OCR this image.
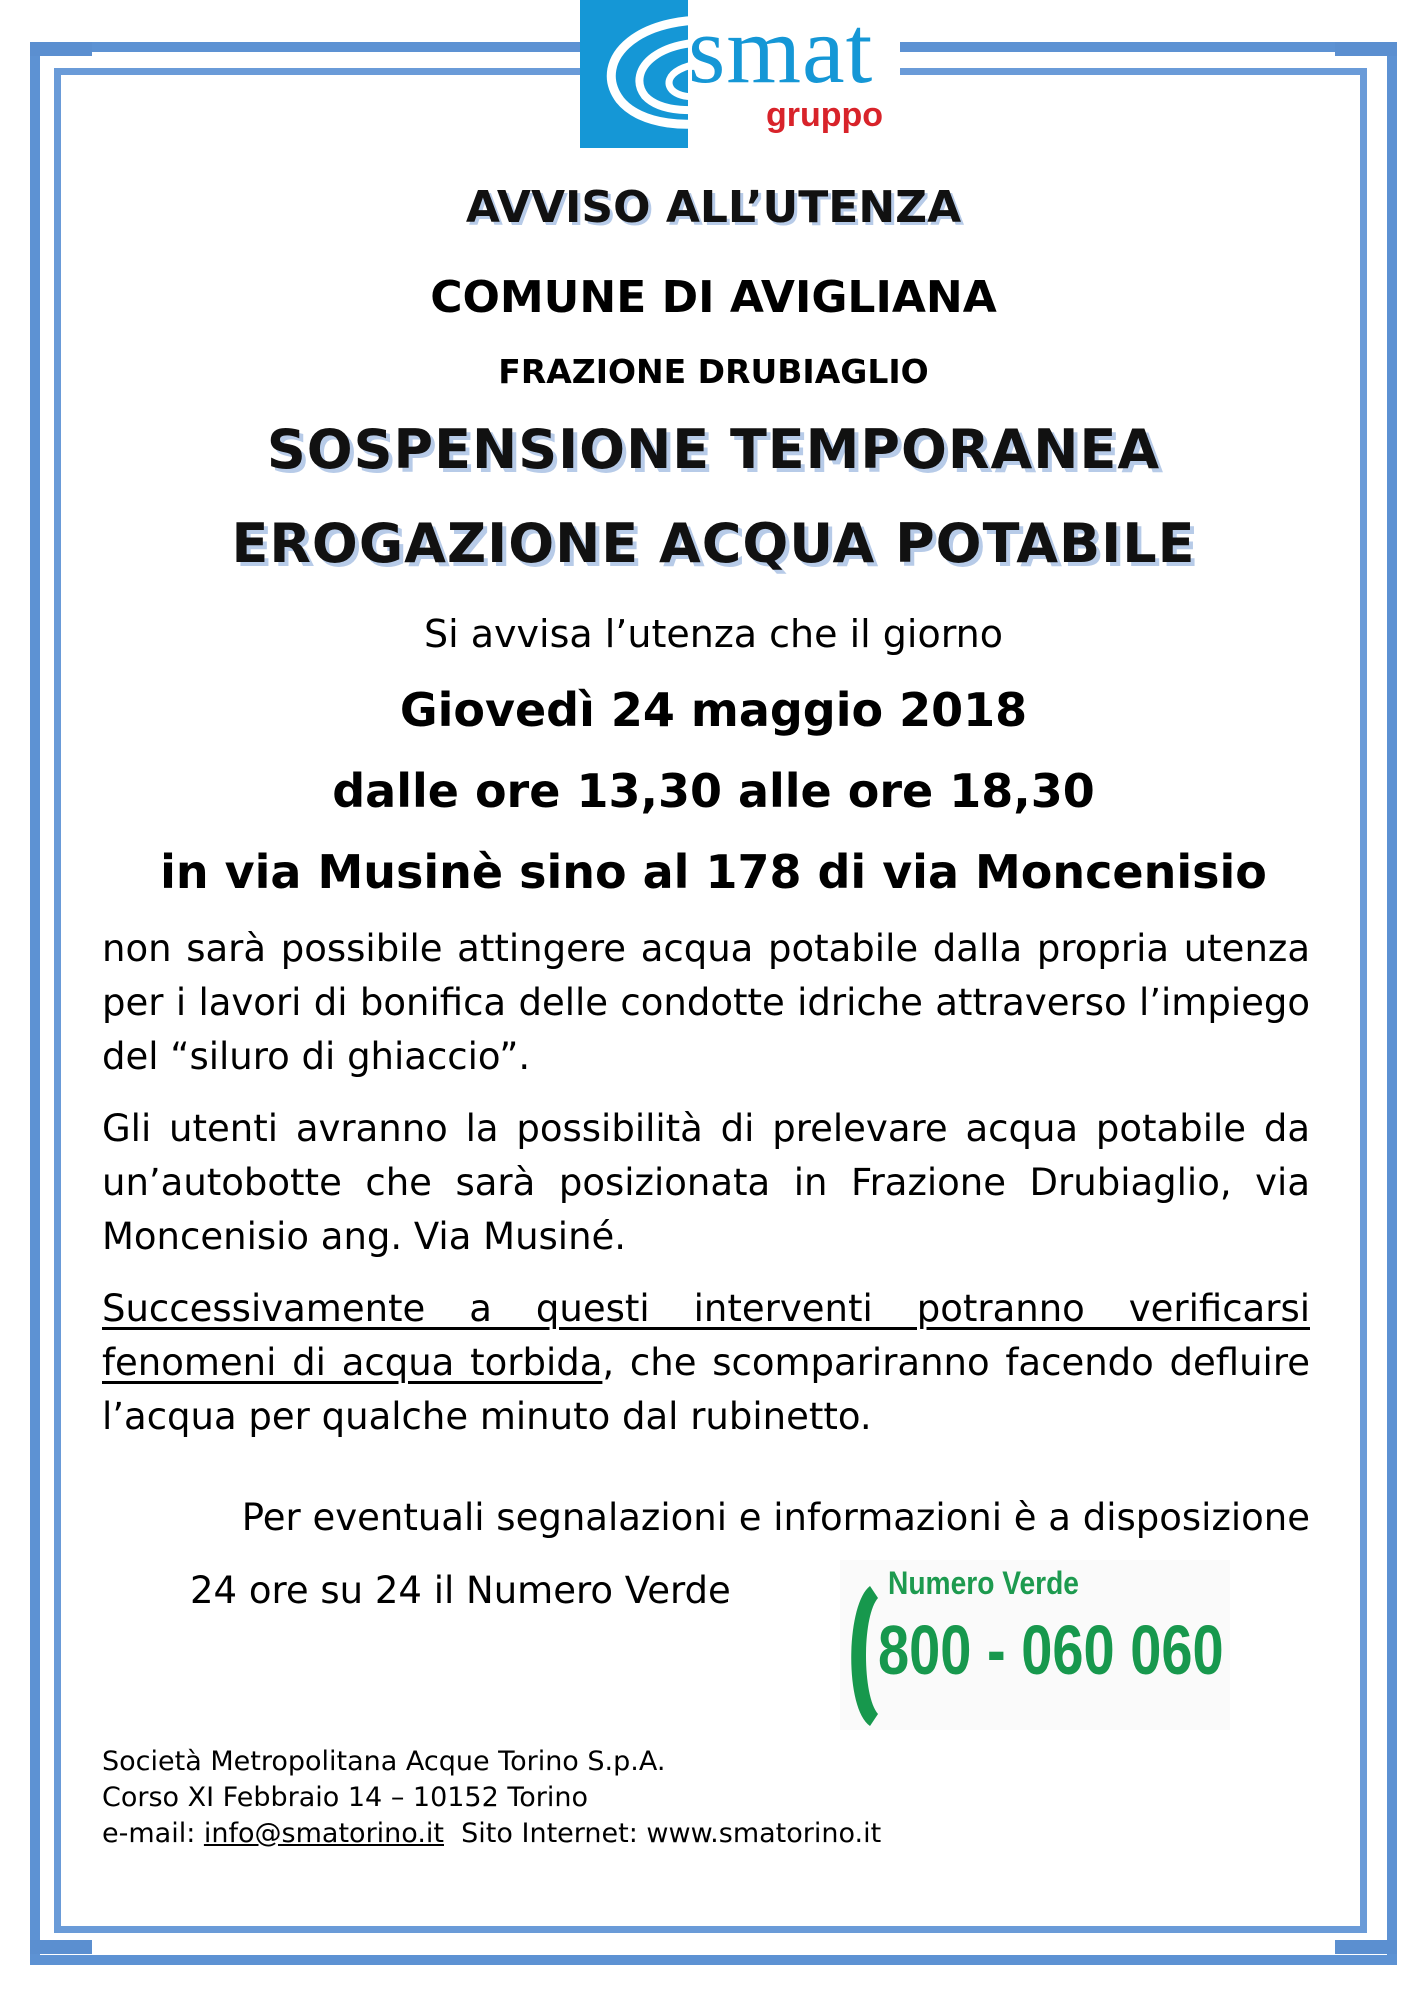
smat
gruppo
AVVISO ALL’UTENZA
COMUNE DI AVIGLIANA
FRAZIONE DRUBIAGLIO
SOSPENSIONE TEMPORANEA
EROGAZIONE ACQUA POTABILE
Si avvisa l’utenza che il giorno
Giovedì 24 maggio 2018
dalle ore 13,30 alle ore 18,30
in via Musinè sino al 178 di via Moncenisio
non sarà possibile attingere acqua potabile dalla propria utenza per i lavori di bonifica delle condotte idriche attraverso l’impiego del “siluro di ghiaccio”.
Gli utenti avranno la possibilità di prelevare acqua potabile da un’autobotte che sarà posizionata in Frazione Drubiaglio, via Moncenisio ang. Via Musiné.
Successivamente a questi interventi potranno verificarsi fenomeni di acqua torbida, che scompariranno facendo defluire l’acqua per qualche minuto dal rubinetto.
Per eventuali segnalazioni e informazioni è a disposizione
24 ore su 24 il Numero Verde	Numero Verde
800 - 060 060
Società Metropolitana Acque Torino S.p.A.
Corso XI Febbraio 14 – 10152 Torino
e-mail: info@smatorino.it Sito Internet: www.smatorino.it
